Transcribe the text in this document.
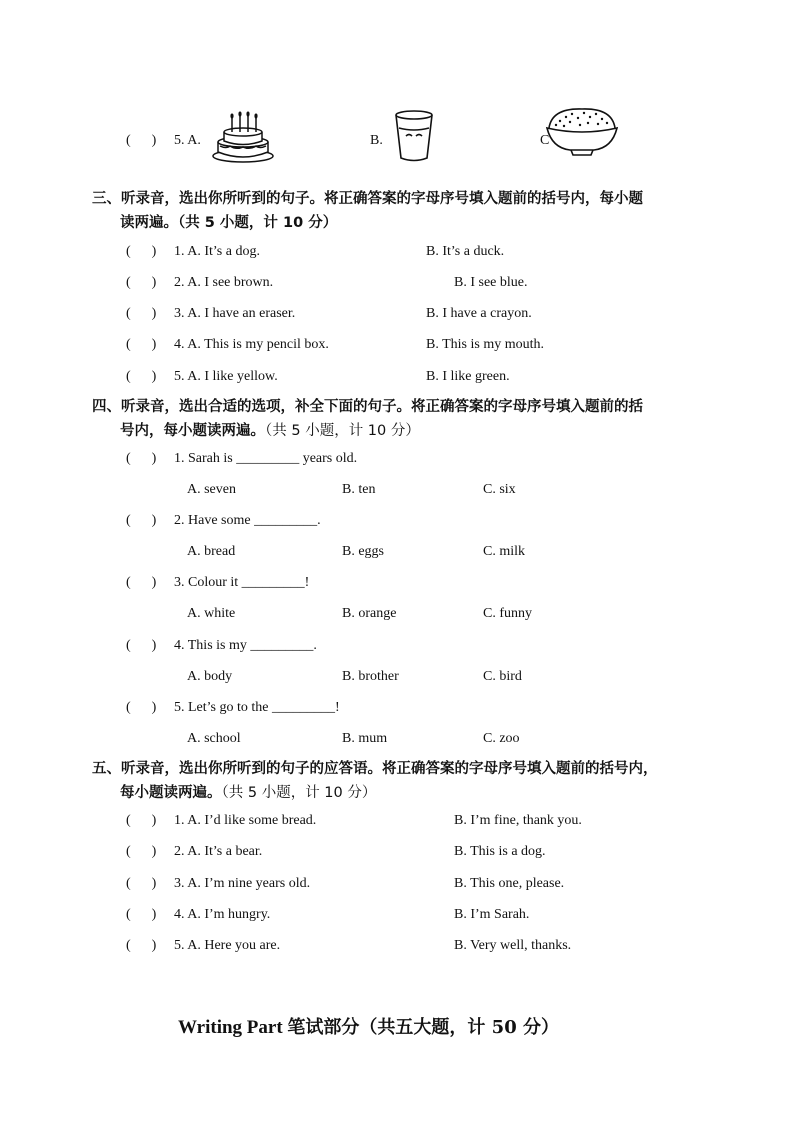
(      ) 5. A.	B.	C
三、听录音，选出你所听到的句子。将正确答案的字母序号填入题前的括号内，每小题
读两遍。（共 5 小题，计 10 分）
(      ) 1. A. It’s a dog.	B. It’s a duck.
(      ) 2. A. I see brown.	B. I see blue.
(      ) 3. A. I have an eraser.	B. I have a crayon.
(      ) 4. A. This is my pencil box.	B. This is my mouth.
(      ) 5. A. I like yellow.	B. I like green.
四、听录音，选出合适的选项，补全下面的句子。将正确答案的字母序号填入题前的括
号内，每小题读两遍。（共 5 小题，计 10 分）
(      ) 1. Sarah is _________ years old.
A. seven	B. ten	C. six
(      ) 2. Have some _________.
A. bread	B. eggs	C. milk
(      ) 3. Colour it _________!
A. white	B. orange	C. funny
(      ) 4. This is my _________.
A. body	B. brother	C. bird
(      ) 5. Let’s go to the _________!
A. school	B. mum	C. zoo
五、听录音，选出你所听到的句子的应答语。将正确答案的字母序号填入题前的括号内，
每小题读两遍。（共 5 小题，计 10 分）
(      ) 1. A. I’d like some bread.	B. I’m fine, thank you.
(      ) 2. A. It’s a bear.	B. This is a dog.
(      ) 3. A. I’m nine years old.	B. This one, please.
(      ) 4. A. I’m hungry.	B. I’m Sarah.
(      ) 5. A. Here you are.	B. Very well, thanks.
Writing Part 笔试部分（共五大题，计 50 分）
